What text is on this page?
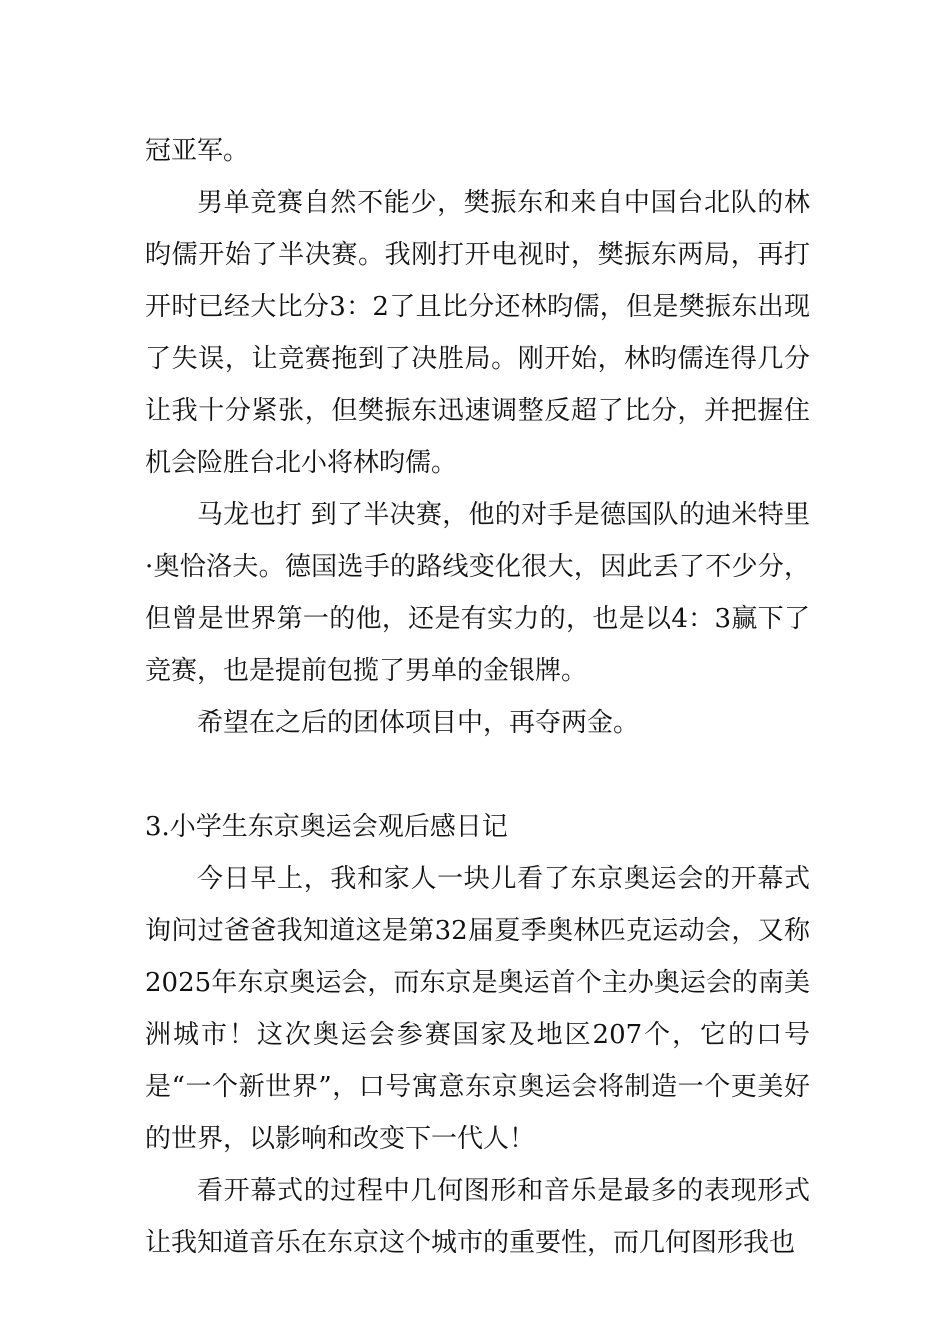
冠亚军。

男单竞赛自然不能少，樊振东和来自中国台北队的林昀儒开始了半决赛。我刚打开电视时，樊振东两局，再打开时已经大比分3：2了且比分还林昀儒，但是樊振东出现了失误，让竞赛拖到了决胜局。刚开始，林昀儒连得几分让我十分紧张，但樊振东迅速调整反超了比分，并把握住机会险胜台北小将林昀儒。

马龙也打 到了半决赛，他的对手是德国队的迪米特里·奥恰洛夫。德国选手的路线变化很大，因此丢了不少分，但曾是世界第一的他，还是有实力的，也是以4：3赢下了竞赛，也是提前包揽了男单的金银牌。

希望在之后的团体项目中，再夺两金。

3.小学生东京奥运会观后感日记

今日早上，我和家人一块儿看了东京奥运会的开幕式询问过爸爸我知道这是第32届夏季奥林匹克运动会，又称2025年东京奥运会，而东京是奥运首个主办奥运会的南美洲城市！这次奥运会参赛国家及地区207个，它的口号是“一个新世界”，口号寓意东京奥运会将制造一个更美好的世界，以影响和改变下一代人！

看开幕式的过程中几何图形和音乐是最多的表现形式让我知道音乐在东京这个城市的重要性，而几何图形我也
